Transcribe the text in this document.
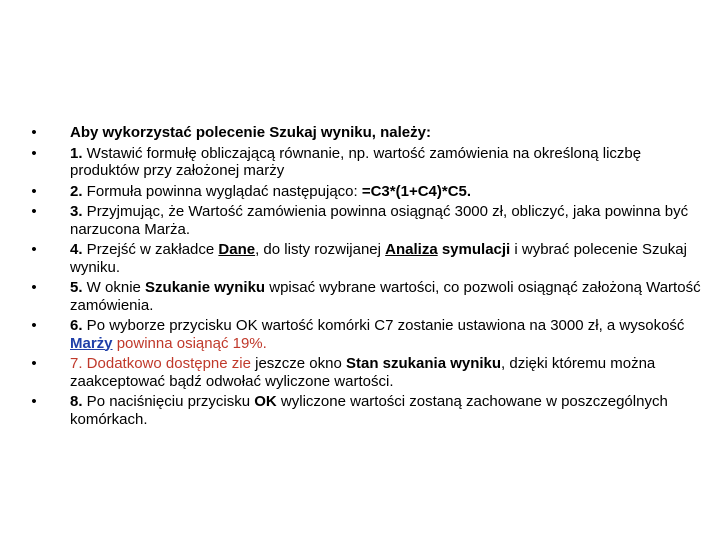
• Aby wykorzystać polecenie Szukaj wyniku, należy:
• 1. Wstawić formułę obliczającą równanie, np. wartość zamówienia na określoną liczbę produktów przy założonej marży
• 2. Formuła powinna wyglądać następująco: =C3*(1+C4)*C5.
• 3. Przyjmując, że Wartość zamówienia powinna osiągnąć 3000 zł, obliczyć, jaka powinna być narzucona Marża.
• 4. Przejść w zakładce Dane, do listy rozwijanej Analiza symulacji i wybrać polecenie Szukaj wyniku.
• 5. W oknie Szukanie wyniku wpisać wybrane wartości, co pozwoli osiągnąć założoną Wartość zamówienia.
• 6. Po wyborze przycisku OK wartość komórki C7 zostanie ustawiona na 3000 zł, a wysokość Marży powinna osiąnąć 19%.
• 7. Dodatkowo dostępne zie jeszcze okno Stan szukania wyniku, dzięki któremu można zaakceptować bądź odwołać wyliczone wartości.
• 8. Po naciśnięciu przycisku OK wyliczone wartości zostaną zachowane w poszczególnych komórkach.
